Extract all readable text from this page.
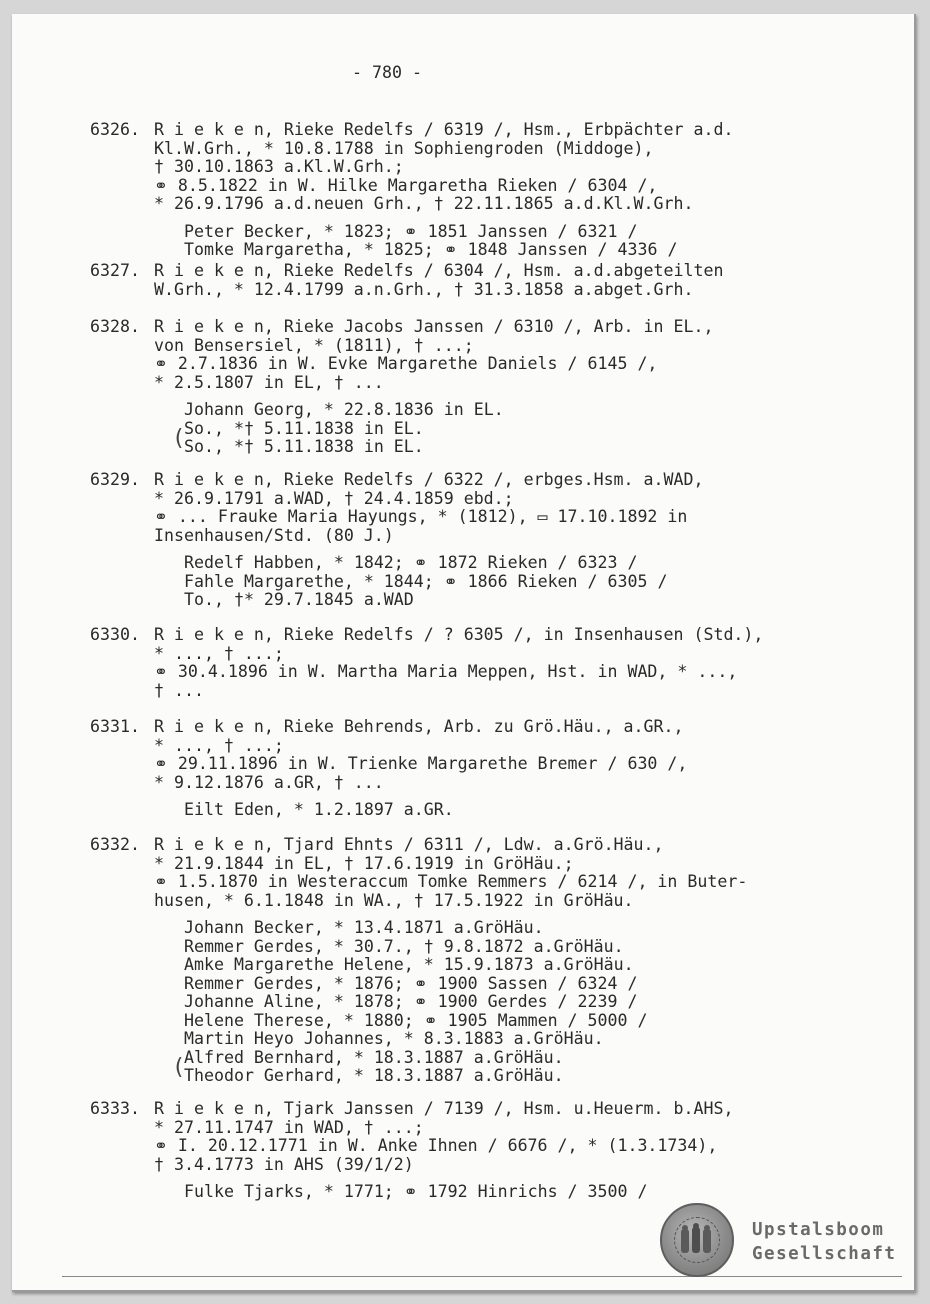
- 780 -
6326. R i e k e n, Rieke Redelfs / 6319 /, Hsm., Erbpächter a.d.
Kl.W.Grh., * 10.8.1788 in Sophiengroden (Middoge),
† 30.10.1863 a.Kl.W.Grh.;
⚭ 8.5.1822 in W. Hilke Margaretha Rieken / 6304 /,
* 26.9.1796 a.d.neuen Grh., † 22.11.1865 a.d.Kl.W.Grh.
Peter Becker, * 1823; ⚭ 1851 Janssen / 6321 /
Tomke Margaretha, * 1825; ⚭ 1848 Janssen / 4336 /
6327. R i e k e n, Rieke Redelfs / 6304 /, Hsm. a.d.abgeteilten
W.Grh., * 12.4.1799 a.n.Grh., † 31.3.1858 a.abget.Grh.
6328. R i e k e n, Rieke Jacobs Janssen / 6310 /, Arb. in EL.,
von Bensersiel, * (1811), † ...;
⚭ 2.7.1836 in W. Evke Margarethe Daniels / 6145 /,
* 2.5.1807 in EL, † ...
Johann Georg, * 22.8.1836 in EL.
(
So., *† 5.11.1838 in EL.
So., *† 5.11.1838 in EL.
6329. R i e k e n, Rieke Redelfs / 6322 /, erbges.Hsm. a.WAD,
* 26.9.1791 a.WAD, † 24.4.1859 ebd.;
⚭ ... Frauke Maria Hayungs, * (1812), ▭ 17.10.1892 in
Insenhausen/Std. (80 J.)
Redelf Habben, * 1842; ⚭ 1872 Rieken / 6323 /
Fahle Margarethe, * 1844; ⚭ 1866 Rieken / 6305 /
To., †* 29.7.1845 a.WAD
6330. R i e k e n, Rieke Redelfs / ? 6305 /, in Insenhausen (Std.),
* ..., † ...;
⚭ 30.4.1896 in W. Martha Maria Meppen, Hst. in WAD, * ...,
† ...
6331. R i e k e n, Rieke Behrends, Arb. zu Grö.Häu., a.GR.,
* ..., † ...;
⚭ 29.11.1896 in W. Trienke Margarethe Bremer / 630 /,
* 9.12.1876 a.GR, † ...
Eilt Eden, * 1.2.1897 a.GR.
6332. R i e k e n, Tjard Ehnts / 6311 /, Ldw. a.Grö.Häu.,
* 21.9.1844 in EL, † 17.6.1919 in GröHäu.;
⚭ 1.5.1870 in Westeraccum Tomke Remmers / 6214 /, in Buter-
husen, * 6.1.1848 in WA., † 17.5.1922 in GröHäu.
Johann Becker, * 13.4.1871 a.GröHäu.
Remmer Gerdes, * 30.7., † 9.8.1872 a.GröHäu.
Amke Margarethe Helene, * 15.9.1873 a.GröHäu.
Remmer Gerdes, * 1876; ⚭ 1900 Sassen / 6324 /
Johanne Aline, * 1878; ⚭ 1900 Gerdes / 2239 /
Helene Therese, * 1880; ⚭ 1905 Mammen / 5000 /
Martin Heyo Johannes, * 8.3.1883 a.GröHäu.
(
Alfred Bernhard, * 18.3.1887 a.GröHäu.
Theodor Gerhard, * 18.3.1887 a.GröHäu.
6333. R i e k e n, Tjark Janssen / 7139 /, Hsm. u.Heuerm. b.AHS,
* 27.11.1747 in WAD, † ...;
⚭ I. 20.12.1771 in W. Anke Ihnen / 6676 /, * (1.3.1734),
† 3.4.1773 in AHS (39/1/2)
Fulke Tjarks, * 1771; ⚭ 1792 Hinrichs / 3500 /
Upstalsboom
Gesellschaft
